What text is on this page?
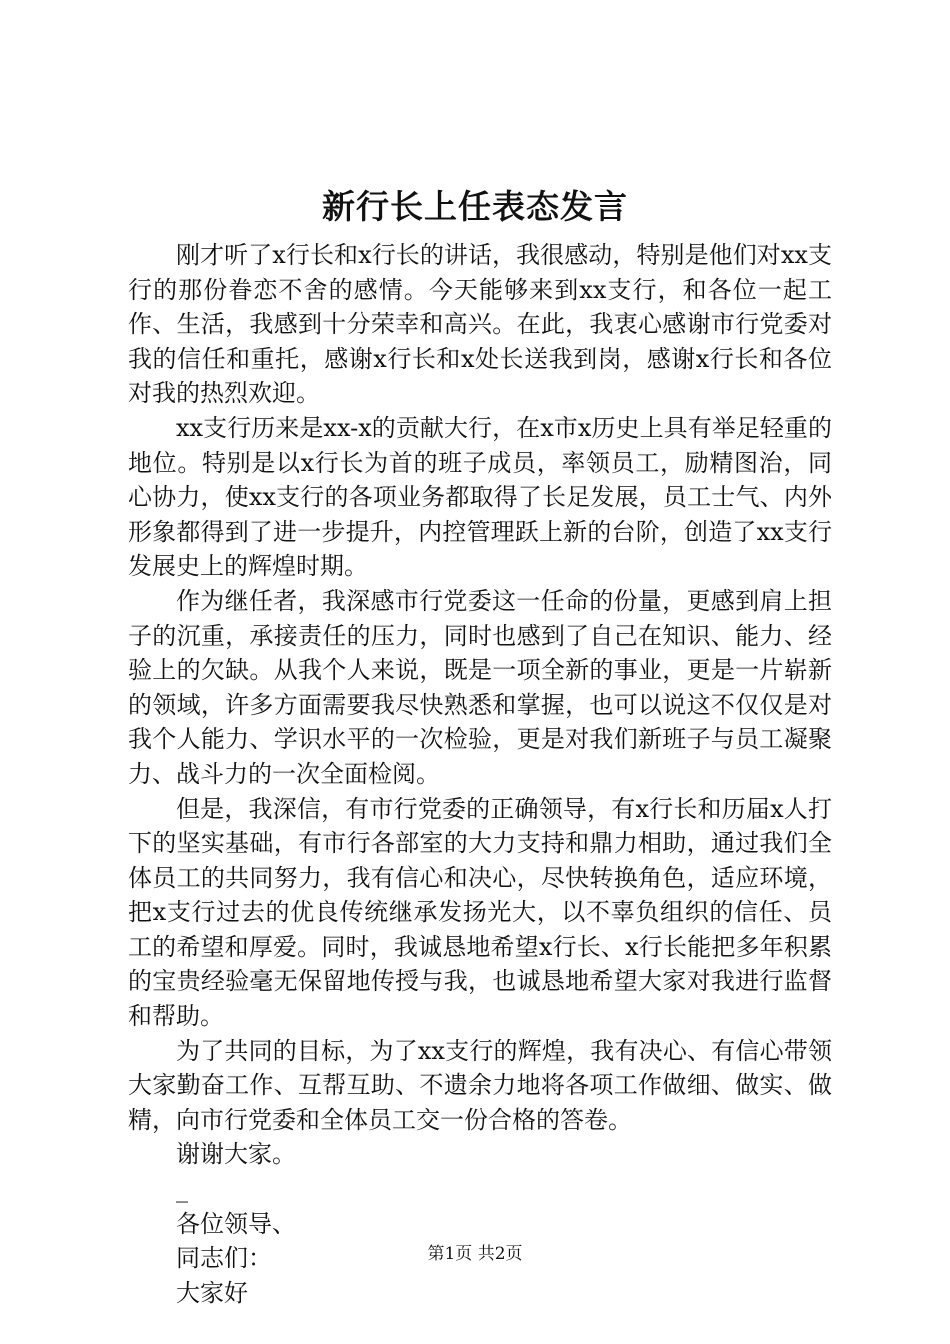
新行长上任表态发言

刚才听了x行长和x行长的讲话，我很感动，特别是他们对xx支行的那份眷恋不舍的感情。今天能够来到xx支行，和各位一起工作、生活，我感到十分荣幸和高兴。在此，我衷心感谢市行党委对我的信任和重托，感谢x行长和x处长送我到岗，感谢x行长和各位对我的热烈欢迎。

xx支行历来是xx-x的贡献大行，在x市x历史上具有举足轻重的地位。特别是以x行长为首的班子成员，率领员工，励精图治，同心协力，使xx支行的各项业务都取得了长足发展，员工士气、内外形象都得到了进一步提升，内控管理跃上新的台阶，创造了xx支行发展史上的辉煌时期。

作为继任者，我深感市行党委这一任命的份量，更感到肩上担子的沉重，承接责任的压力，同时也感到了自己在知识、能力、经验上的欠缺。从我个人来说，既是一项全新的事业，更是一片崭新的领域，许多方面需要我尽快熟悉和掌握，也可以说这不仅仅是对我个人能力、学识水平的一次检验，更是对我们新班子与员工凝聚力、战斗力的一次全面检阅。

但是，我深信，有市行党委的正确领导，有x行长和历届x人打下的坚实基础，有市行各部室的大力支持和鼎力相助，通过我们全体员工的共同努力，我有信心和决心，尽快转换角色，适应环境，把x支行过去的优良传统继承发扬光大，以不辜负组织的信任、员工的希望和厚爱。同时，我诚恳地希望x行长、x行长能把多年积累的宝贵经验毫无保留地传授与我，也诚恳地希望大家对我进行监督和帮助。

为了共同的目标，为了xx支行的辉煌，我有决心、有信心带领大家勤奋工作、互帮互助、不遗余力地将各项工作做细、做实、做精，向市行党委和全体员工交一份合格的答卷。

谢谢大家。

_

各位领导、

同志们：

大家好

第1页 共2页
